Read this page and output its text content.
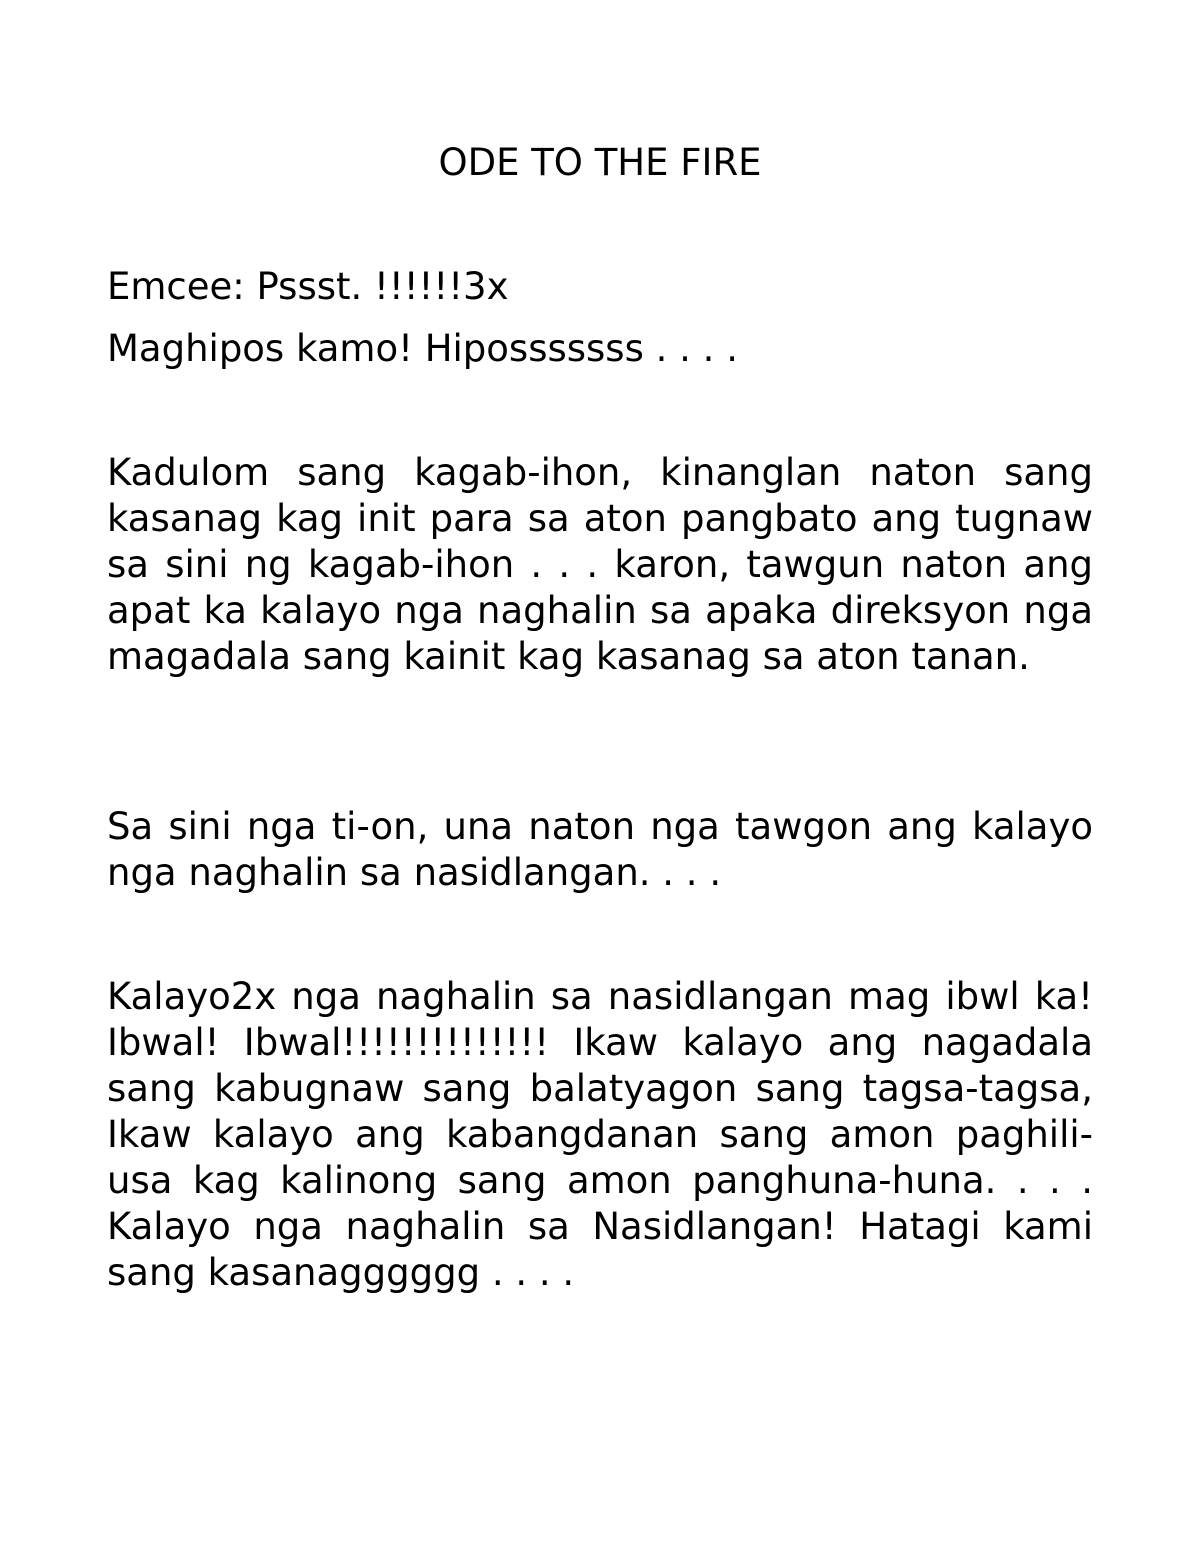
ODE TO THE FIRE

Emcee: Pssst. !!!!!!3x

Maghipos kamo! Hiposssssss . . . .

Kadulom sang kagab-ihon, kinanglan naton sang kasanag kag init para sa aton pangbato ang tugnaw sa sini ng kagab-ihon . . . karon, tawgun naton ang apat ka kalayo nga naghalin sa apaka direksyon nga magadala sang kainit kag kasanag sa aton tanan.

Sa sini nga ti-on, una naton nga tawgon ang kalayo nga naghalin sa nasidlangan. . . .

Kalayo2x nga naghalin sa nasidlangan mag ibwl ka! Ibwal! Ibwal!!!!!!!!!!!!!! Ikaw kalayo ang nagadala sang kabugnaw sang balatyagon sang tagsa-tagsa, Ikaw kalayo ang kabangdanan sang amon paghili-usa kag kalinong sang amon panghuna-huna. . . . Kalayo nga naghalin sa Nasidlangan! Hatagi kami sang kasanagggggg . . . .
